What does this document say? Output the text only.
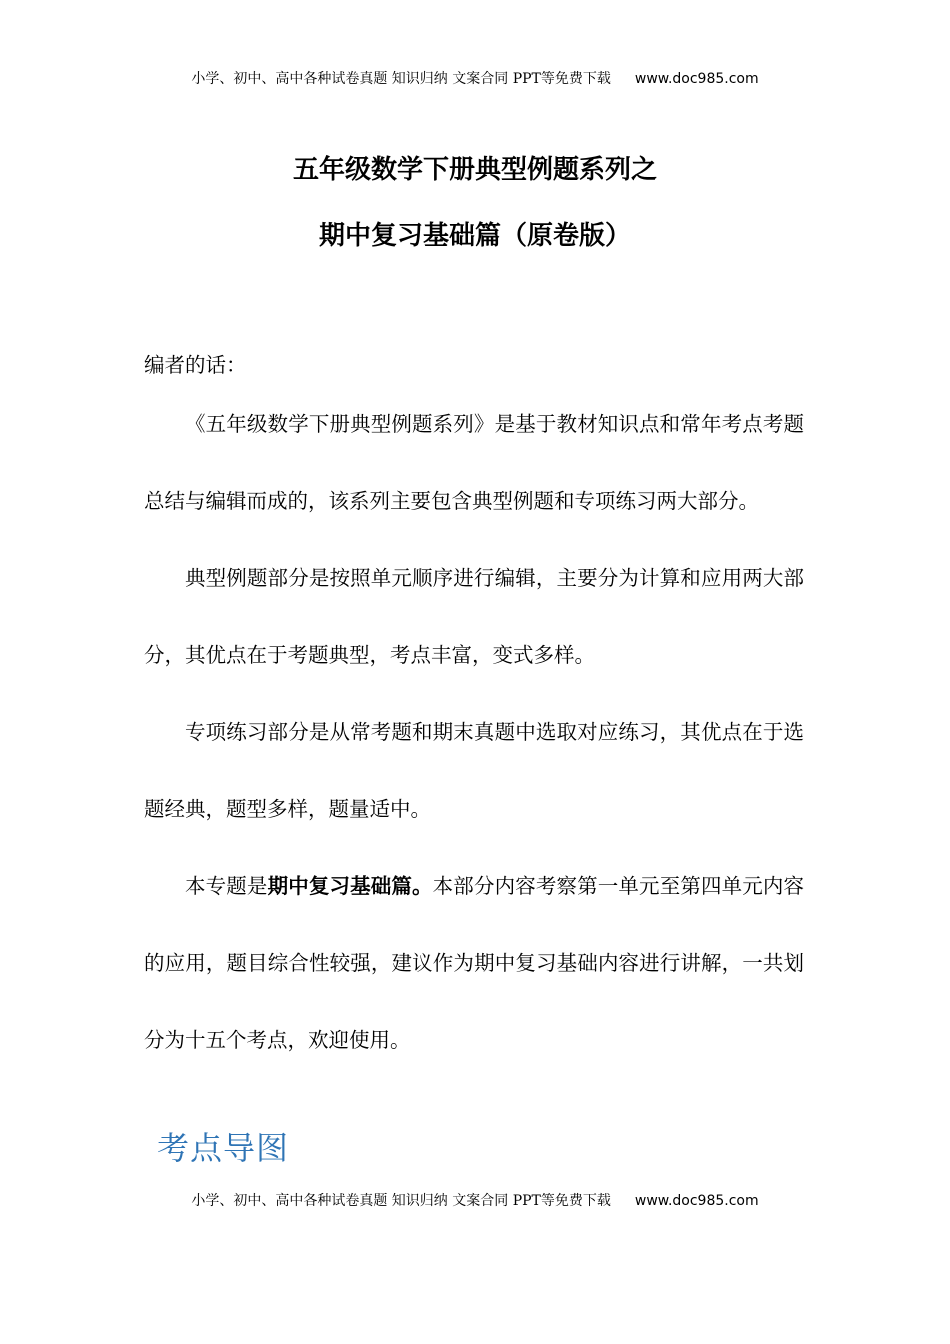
小学、初中、高中各种试卷真题 知识归纳 文案合同 PPT等免费下载 www.doc985.com
五年级数学下册典型例题系列之
期中复习基础篇（原卷版）
编者的话：

《五年级数学下册典型例题系列》是基于教材知识点和常年考点考题总结与编辑而成的，该系列主要包含典型例题和专项练习两大部分。

典型例题部分是按照单元顺序进行编辑，主要分为计算和应用两大部分，其优点在于考题典型，考点丰富，变式多样。

专项练习部分是从常考题和期末真题中选取对应练习，其优点在于选题经典，题型多样，题量适中。

本专题是期中复习基础篇。本部分内容考察第一单元至第四单元内容的应用，题目综合性较强，建议作为期中复习基础内容进行讲解，一共划分为十五个考点，欢迎使用。

考点导图
小学、初中、高中各种试卷真题 知识归纳 文案合同 PPT等免费下载 www.doc985.com
